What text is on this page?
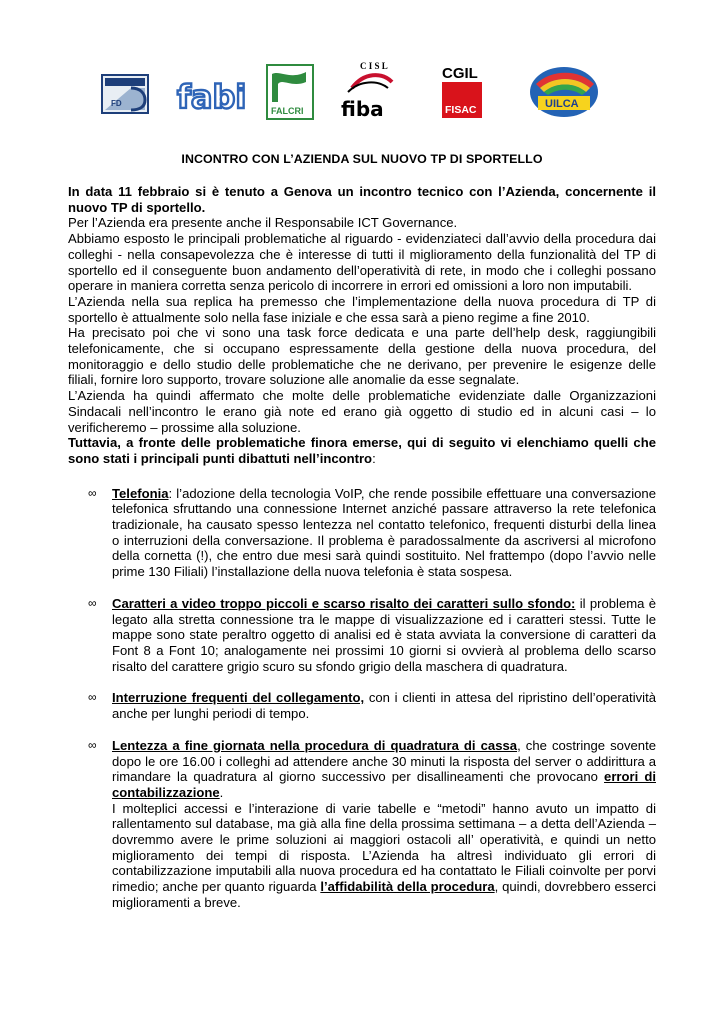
FD fabi	FALCRI
C I S L
fiba
CGIL
FISAC	UILCA
INCONTRO CON L’AZIENDA SUL NUOVO TP DI SPORTELLO

In data 11 febbraio si è tenuto a Genova un incontro tecnico con l’Azienda, concernente il nuovo TP di sportello.

Per l’Azienda era presente anche il Responsabile ICT Governance.

Abbiamo esposto le principali problematiche al riguardo - evidenziateci dall’avvio della procedura dai colleghi - nella consapevolezza che è interesse di tutti il miglioramento della funzionalità del TP di sportello ed il conseguente buon andamento dell’operatività di rete, in modo che i colleghi possano operare in maniera corretta senza pericolo di incorrere in errori ed omissioni a loro non imputabili.

L’Azienda nella sua replica ha premesso che l’implementazione della nuova procedura di TP di sportello è attualmente solo nella fase iniziale e che essa sarà a pieno regime a fine 2010.

Ha precisato poi che vi sono una task force dedicata e una parte dell’help desk, raggiungibili telefonicamente, che si occupano espressamente della gestione della nuova procedura, del monitoraggio e dello studio delle problematiche che ne derivano, per prevenire le esigenze delle filiali, fornire loro supporto, trovare soluzione alle anomalie da esse segnalate.

L’Azienda ha quindi affermato che molte delle problematiche evidenziate dalle Organizzazioni Sindacali nell’incontro le erano già note ed erano già oggetto di studio ed in alcuni casi – lo verificheremo – prossime alla soluzione.

Tuttavia, a fronte delle problematiche finora emerse, qui di seguito vi elenchiamo quelli che sono stati i principali punti dibattuti nell’incontro:

∞ Telefonia: l’adozione della tecnologia VoIP, che rende possibile effettuare una conversazione telefonica sfruttando una connessione Internet anziché passare attraverso la rete telefonica tradizionale, ha causato spesso lentezza nel contatto telefonico, frequenti disturbi della linea o interruzioni della conversazione. Il problema è paradossalmente da ascriversi al microfono della cornetta (!), che entro due mesi sarà quindi sostituito. Nel frattempo (dopo l’avvio nelle prime 130 Filiali) l’installazione della nuova telefonia è stata sospesa.
∞ Caratteri a video troppo piccoli e scarso risalto dei caratteri sullo sfondo: il problema è legato alla stretta connessione tra le mappe di visualizzazione ed i caratteri stessi. Tutte le mappe sono state peraltro oggetto di analisi ed è stata avviata la conversione di caratteri da Font 8 a Font 10; analogamente nei prossimi 10 giorni si ovvierà al problema dello scarso risalto del carattere grigio scuro su sfondo grigio della maschera di quadratura.
∞ Interruzione frequenti del collegamento, con i clienti in attesa del ripristino dell’operatività anche per lunghi periodi di tempo.
∞ Lentezza a fine giornata nella procedura di quadratura di cassa, che costringe sovente dopo le ore 16.00 i colleghi ad attendere anche 30 minuti la risposta del server o addirittura a rimandare la quadratura al giorno successivo per disallineamenti che provocano errori di contabilizzazione.
I molteplici accessi e l’interazione di varie tabelle e “metodi” hanno avuto un impatto di rallentamento sul database, ma già alla fine della prossima settimana – a detta dell’Azienda – dovremmo avere le prime soluzioni ai maggiori ostacoli all’ operatività, e quindi un netto miglioramento dei tempi di risposta. L’Azienda ha altresì individuato gli errori di contabilizzazione imputabili alla nuova procedura ed ha contattato le Filiali coinvolte per porvi rimedio; anche per quanto riguarda l’affidabilità della procedura, quindi, dovrebbero esserci miglioramenti a breve.
